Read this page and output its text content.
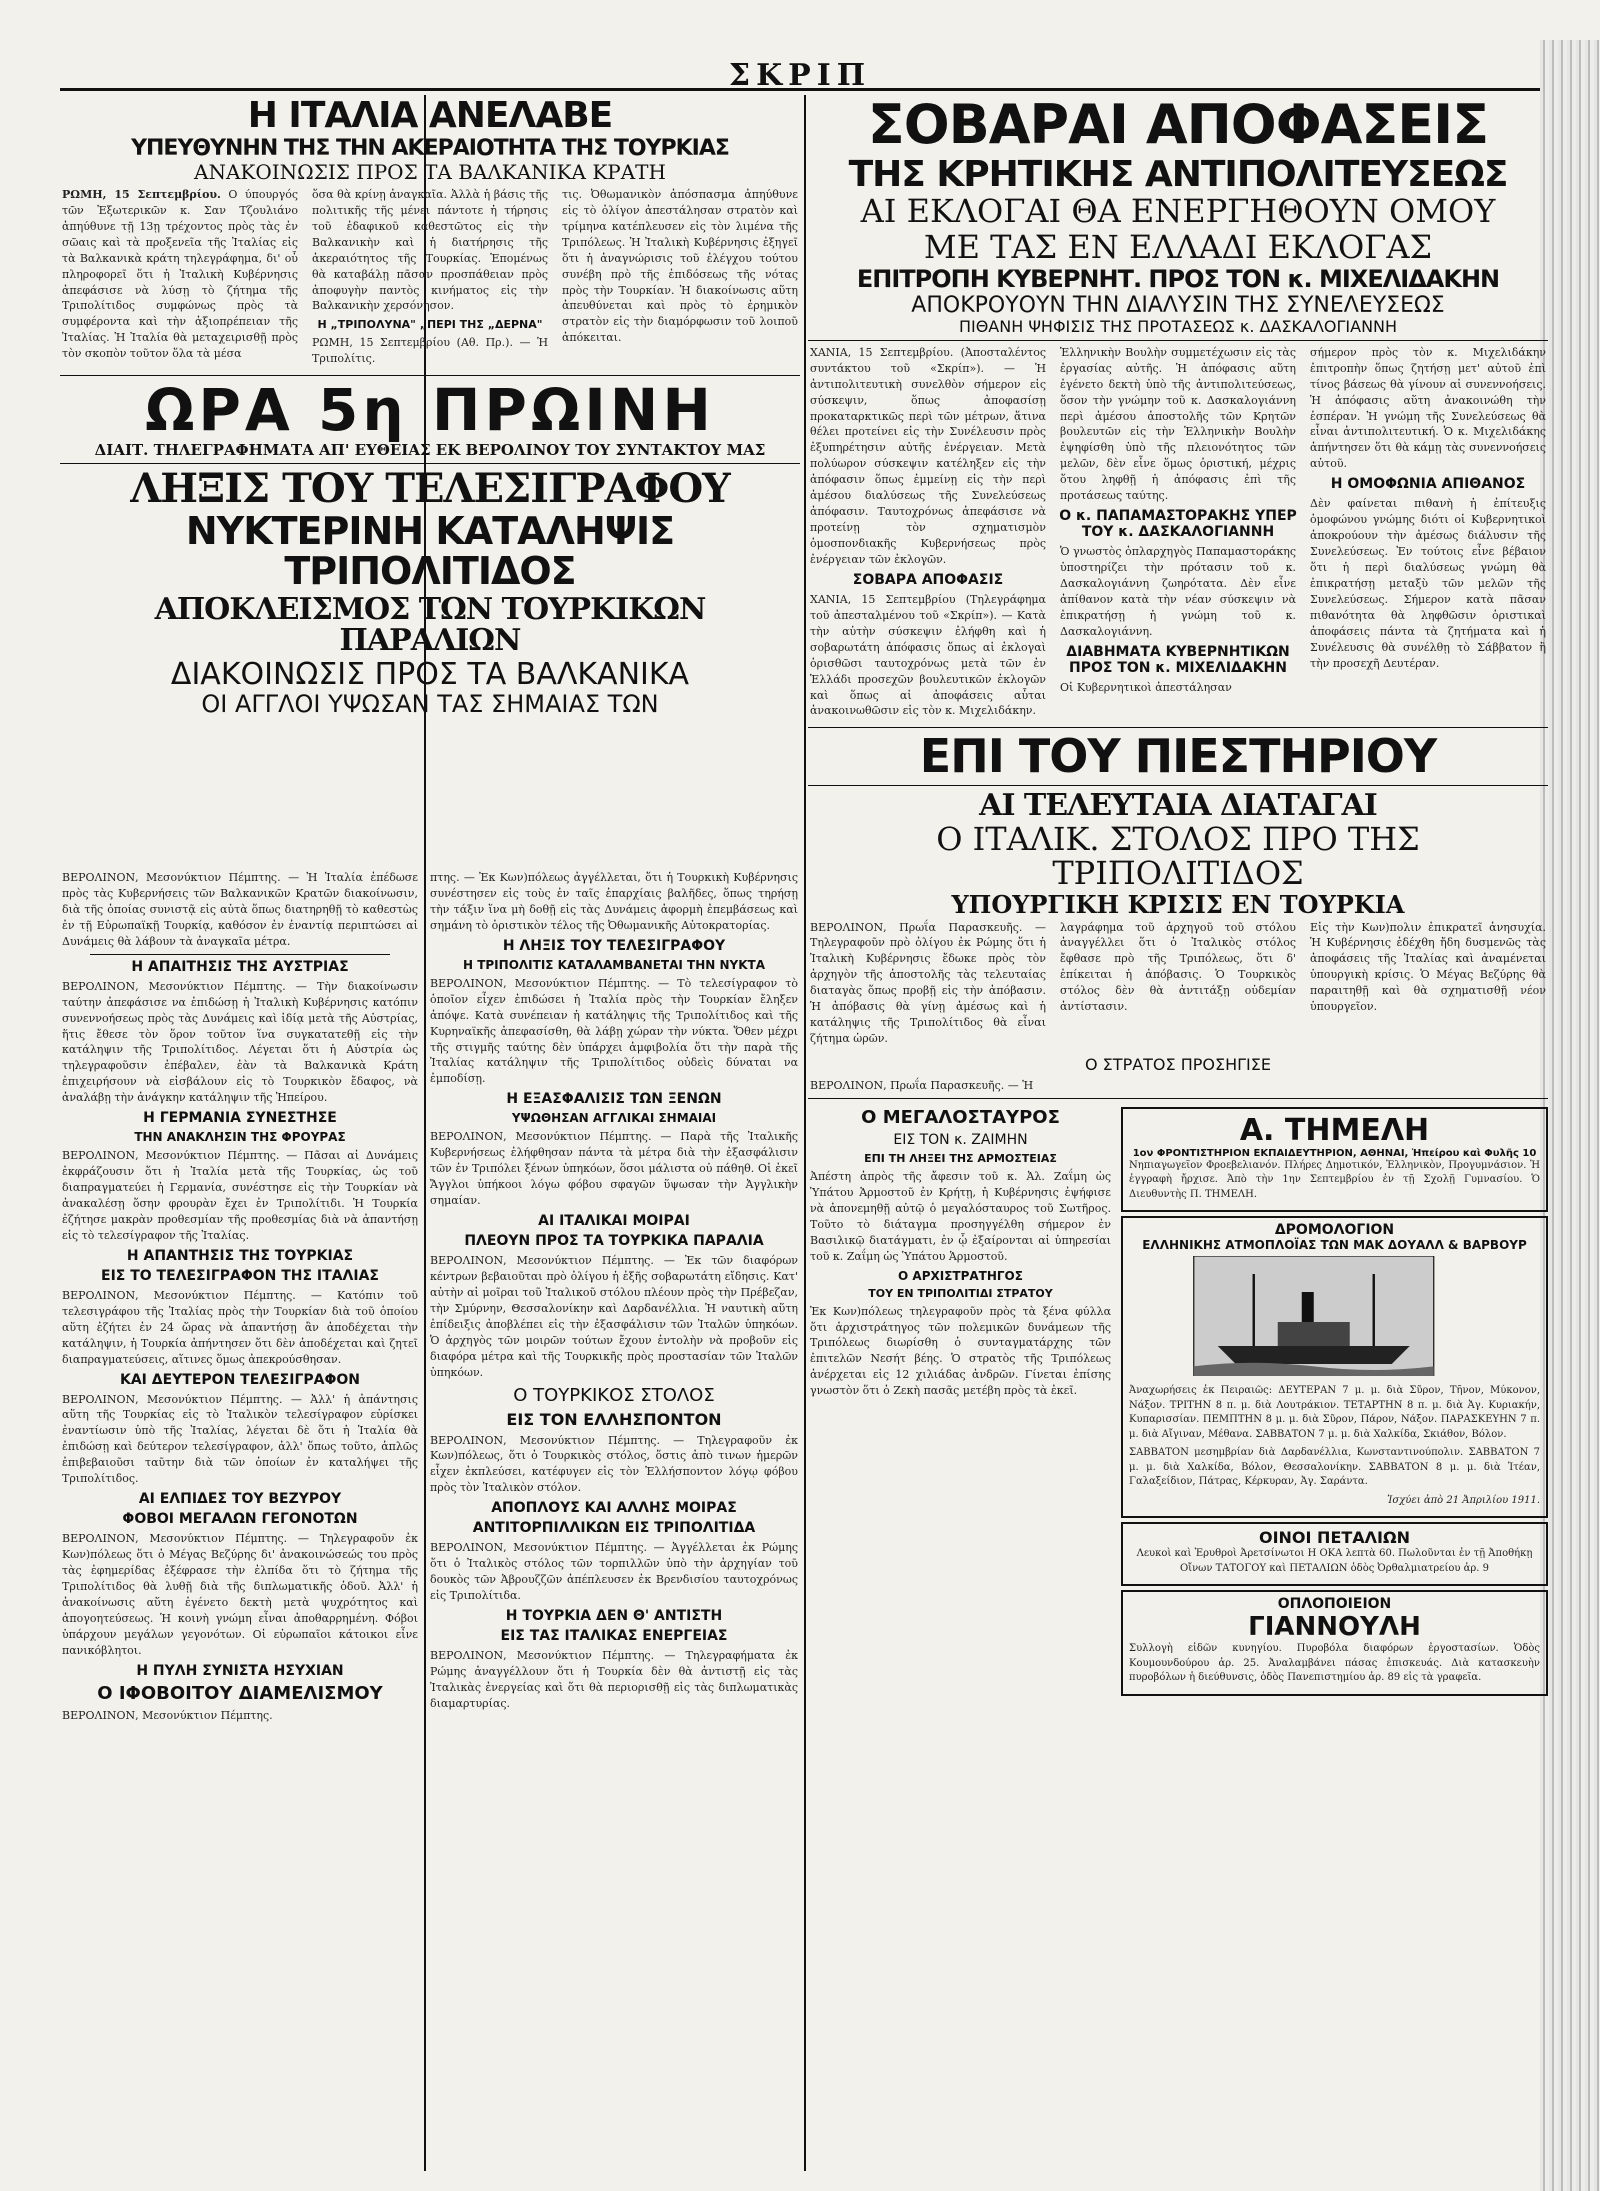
ΣΚΡΙΠ
Η ΙΤΑΛΙΑ ΑΝΕΛΑΒΕ
ΥΠΕΥΘΥΝΗΝ ΤΗΣ ΤΗΝ ΑΚΕΡΑΙΟΤΗΤΑ ΤΗΣ ΤΟΥΡΚΙΑΣ
ΑΝΑΚΟΙΝΩΣΙΣ ΠΡΟΣ ΤΑ ΒΑΛΚΑΝΙΚΑ ΚΡΑΤΗ

ΡΩΜΗ, 15 Σεπτεμβρίου. Ο ύπουργός τῶν Ἐξωτερικῶν κ. Σαν Τζουλιάνο ἀπηύθυνε τῇ 13ῃ τρέχοντος πρὸς τὰς ἐν σῶαις καὶ τὰ προξενεῖα τῆς Ἰταλίας εἰς τὰ Βαλκανικὰ κράτη τηλεγράφημα, δι' οὗ πληροφορεῖ ὅτι ἡ Ἰταλικὴ Κυβέρνησις ἀπεφάσισε νὰ λύσῃ τὸ ζήτημα τῆς Τριπολίτιδος συμφώνως πρὸς τὰ συμφέροντα καὶ τὴν ἀξιοπρέπειαν τῆς Ἰταλίας. Ἡ Ἰταλία θὰ μεταχειρισθῇ πρὸς τὸν σκοπὸν τοῦτον ὅλα τὰ μέσα

ὅσα θὰ κρίνῃ ἀναγκαῖα. Ἀλλὰ ἡ βάσις τῆς πολιτικῆς τῆς μένει πάντοτε ἡ τήρησις τοῦ ἐδαφικοῦ καθεστῶτος εἰς τὴν Βαλκανικὴν καὶ ἡ διατήρησις τῆς ἀκεραιότητος τῆς Τουρκίας. Ἑπομένως θὰ καταβάλῃ πᾶσαν προσπάθειαν πρὸς ἀποφυγὴν παντὸς κινήματος εἰς τὴν Βαλκανικὴν χερσόνησον.

Η „ΤΡΙΠΟΛΥΝΑ" „ΠΕΡΙ ΤΗΣ „ΔΕΡΝΑ"

ΡΩΜΗ, 15 Σεπτεμβρίου (Αθ. Πρ.). — Ἡ Τριπολίτις.

τις. Ὀθωμανικὸν ἀπόσπασμα ἀπηύθυνε εἰς τὸ ὀλίγον ἀπεστάλησαν στρατὸν καὶ τρίμηνα κατέπλευσεν εἰς τὸν λιμένα τῆς Τριπόλεως. Ἡ Ἰταλικὴ Κυβέρνησις ἐξηγεῖ ὅτι ἡ ἀναγνώρισις τοῦ ἐλέγχου τούτου συνέβη πρὸ τῆς ἐπιδόσεως τῆς νότας πρὸς τὴν Τουρκίαν. Ἡ διακοίνωσις αὕτη ἀπευθύνεται καὶ πρὸς τὸ ἐρημικὸν στρατὸν εἰς τὴν διαμόρφωσιν τοῦ λοιποῦ ἀπόκειται.

ΩΡΑ 5η ΠΡΩΙΝΗ
ΔΙΑΙΤ. ΤΗΛΕΓΡΑΦΗΜΑΤΑ ΑΠ' ΕΥΘΕΙΑΣ ΕΚ ΒΕΡΟΛΙΝΟΥ ΤΟΥ ΣΥΝΤΑΚΤΟΥ ΜΑΣ
ΛΗΞΙΣ ΤΟΥ ΤΕΛΕΣΙΓΡΑΦΟΥ
ΝΥΚΤΕΡΙΝΗ ΚΑΤΑΛΗΨΙΣ ΤΡΙΠΟΛΙΤΙΔΟΣ
ΑΠΟΚΛΕΙΣΜΟΣ ΤΩΝ ΤΟΥΡΚΙΚΩΝ ΠΑΡΑΛΙΩΝ
ΔΙΑΚΟΙΝΩΣΙΣ ΠΡΟΣ ΤΑ ΒΑΛΚΑΝΙΚΑ
ΟΙ ΑΓΓΛΟΙ ΥΨΩΣΑΝ ΤΑΣ ΣΗΜΑΙΑΣ ΤΩΝ

ΒΕΡΟΛΙΝΟΝ, Μεσονύκτιον Πέμπτης. — Ἡ Ἰταλία ἐπέδωσε πρὸς τὰς Κυβερνήσεις τῶν Βαλκανικῶν Κρατῶν διακοίνωσιν, διὰ τῆς ὁποίας συνιστᾷ εἰς αὐτὰ ὅπως διατηρηθῇ τὸ καθεστὼς ἐν τῇ Εὐρωπαϊκῇ Τουρκίᾳ, καθόσον ἐν ἐναντίᾳ περιπτώσει αἱ Δυνάμεις θὰ λάβουν τὰ ἀναγκαῖα μέτρα.

Η ΑΠΑΙΤΗΣΙΣ ΤΗΣ ΑΥΣΤΡΙΑΣ

ΒΕΡΟΛΙΝΟΝ, Μεσονύκτιον Πέμπτης. — Τὴν διακοίνωσιν ταύτην ἀπεφάσισε να ἐπιδώσῃ ἡ Ἰταλικὴ Κυβέρνησις κατόπιν συνεννοήσεως πρὸς τὰς Δυνάμεις καὶ ἰδίᾳ μετὰ τῆς Αὐστρίας, ἥτις ἔθεσε τὸν ὅρον τοῦτον ἵνα συγκατατεθῇ εἰς τὴν κατάληψιν τῆς Τριπολίτιδος. Λέγεται ὅτι ἡ Αὐστρία ὡς τηλεγραφοῦσιν ἐπέβαλεν, ἐὰν τὰ Βαλκανικὰ Κράτη ἐπιχειρήσουν νὰ εἰσβάλουν εἰς τὸ Τουρκικὸν ἔδαφος, νὰ ἀναλάβῃ τὴν ἀνάγκην κατάληψιν τῆς Ἠπείρου.

Η ΓΕΡΜΑΝΙΑ ΣΥΝΕΣΤΗΣΕ
ΤΗΝ ΑΝΑΚΛΗΣΙΝ ΤΗΣ ΦΡΟΥΡΑΣ

ΒΕΡΟΛΙΝΟΝ, Μεσονύκτιον Πέμπτης. — Πᾶσαι αἱ Δυνάμεις ἐκφράζουσιν ὅτι ἡ Ἰταλία μετὰ τῆς Τουρκίας, ὡς τοῦ διαπραγματεύει ἡ Γερμανία, συνέστησε εἰς τὴν Τουρκίαν νὰ ἀνακαλέσῃ ὅσην φρουρὰν ἔχει ἐν Τριπολίτιδι. Ἡ Τουρκία ἐζήτησε μακρὰν προθεσμίαν τῆς προθεσμίας διὰ νὰ ἀπαντήσῃ εἰς τὸ τελεσίγραφον τῆς Ἰταλίας.

Η ΑΠΑΝΤΗΣΙΣ ΤΗΣ ΤΟΥΡΚΙΑΣ
ΕΙΣ ΤΟ ΤΕΛΕΣΙΓΡΑΦΟΝ ΤΗΣ ΙΤΑΛΙΑΣ

ΒΕΡΟΛΙΝΟΝ, Μεσονύκτιον Πέμπτης. — Κατόπιν τοῦ τελεσιγράφου τῆς Ἰταλίας πρὸς τὴν Τουρκίαν διὰ τοῦ ὁποίου αὕτη ἐζήτει ἐν 24 ὥρας νὰ ἀπαντήσῃ ἂν ἀποδέχεται τὴν κατάληψιν, ἡ Τουρκία ἀπήντησεν ὅτι δὲν ἀποδέχεται καὶ ζητεῖ διαπραγματεύσεις, αἵτινες ὅμως ἀπεκρούσθησαν.

ΚΑΙ ΔΕΥΤΕΡΟΝ ΤΕΛΕΣΙΓΡΑΦΟΝ

ΒΕΡΟΛΙΝΟΝ, Μεσονύκτιον Πέμπτης. — Ἀλλ' ἡ ἀπάντησις αὕτη τῆς Τουρκίας εἰς τὸ Ἰταλικὸν τελεσίγραφον εὑρίσκει ἐναντίωσιν ὑπὸ τῆς Ἰταλίας, λέγεται δὲ ὅτι ἡ Ἰταλία θὰ ἐπιδώσῃ καὶ δεύτερον τελεσίγραφον, ἀλλ' ὅπως τοῦτο, ἁπλῶς ἐπιβεβαιοῦσι ταῦτην διὰ τῶν ὁποίων ἐν καταλήψει τῆς Τριπολίτιδος.

ΑΙ ΕΛΠΙΔΕΣ ΤΟΥ ΒΕΖΥΡΟΥ
ΦΟΒΟΙ ΜΕΓΑΛΩΝ ΓΕΓΟΝΟΤΩΝ

ΒΕΡΟΛΙΝΟΝ, Μεσονύκτιον Πέμπτης. — Τηλεγραφοῦν ἐκ Κων)πόλεως ὅτι ὁ Μέγας Βεζύρης δι' ἀνακοινώσεώς του πρὸς τὰς ἐφημερίδας ἐξέφρασε τὴν ἐλπίδα ὅτι τὸ ζήτημα τῆς Τριπολίτιδος θὰ λυθῇ διὰ τῆς διπλωματικῆς ὁδοῦ. Ἀλλ' ἡ ἀνακοίνωσις αὕτη ἐγένετο δεκτὴ μετὰ ψυχρότητος καὶ ἀπογοητεύσεως. Ἡ κοινὴ γνώμη εἶναι ἀποθαρρημένη. Φόβοι ὑπάρχουν μεγάλων γεγονότων. Οἱ εὐρωπαῖοι κάτοικοι εἶνε πανικόβλητοι.

Η ΠΥΛΗ ΣΥΝΙΣΤΑ ΗΣΥΧΙΑΝ
Ο ΙΦΟΒΟΙΤΟΥ ΔΙΑΜΕΛΙΣΜΟΥ

ΒΕΡΟΛΙΝΟΝ, Μεσονύκτιον Πέμπτης.

πτης. — Ἐκ Κων)πόλεως ἀγγέλλεται, ὅτι ἡ Τουρκικὴ Κυβέρνησις συνέστησεν εἰς τοὺς ἐν ταῖς ἐπαρχίαις βαλῆδες, ὅπως τηρήσῃ τὴν τάξιν ἵνα μὴ δοθῇ εἰς τὰς Δυνάμεις ἀφορμὴ ἐπεμβάσεως καὶ σημάνη τὸ ὁριστικὸν τέλος τῆς Ὀθωμανικῆς Αὐτοκρατορίας.

Η ΛΗΞΙΣ ΤΟΥ ΤΕΛΕΣΙΓΡΑΦΟΥ
Η ΤΡΙΠΟΛΙΤΙΣ ΚΑΤΑΛΑΜΒΑΝΕΤΑΙ ΤΗΝ ΝΥΚΤΑ

ΒΕΡΟΛΙΝΟΝ, Μεσονύκτιον Πέμπτης. — Τὸ τελεσίγραφον τὸ ὁποῖον εἶχεν ἐπιδώσει ἡ Ἰταλία πρὸς τὴν Τουρκίαν ἔληξεν ἀπόψε. Κατὰ συνέπειαν ἡ κατάληψις τῆς Τριπολίτιδος καὶ τῆς Κυρηναϊκῆς ἀπεφασίσθη, θὰ λάβῃ χώραν τὴν νύκτα. Ὅθεν μέχρι τῆς στιγμῆς ταύτης δὲν ὑπάρχει ἀμφιβολία ὅτι τὴν παρὰ τῆς Ἰταλίας κατάληψιν τῆς Τριπολίτιδος οὐδεὶς δύναται να ἐμποδίσῃ.

Η ΕΞΑΣΦΑΛΙΣΙΣ ΤΩΝ ΞΕΝΩΝ
ΥΨΩΘΗΣΑΝ ΑΓΓΛΙΚΑΙ ΣΗΜΑΙΑΙ

ΒΕΡΟΛΙΝΟΝ, Μεσονύκτιον Πέμπτης. — Παρὰ τῆς Ἰταλικῆς Κυβερνήσεως ἐλήφθησαν πάντα τὰ μέτρα διὰ τὴν ἐξασφάλισιν τῶν ἐν Τριπόλει ξένων ὑπηκόων, ὅσοι μάλιστα οὐ πάθηθ. Οἱ ἐκεῖ Ἄγγλοι ὑπήκοοι λόγω φόβου σφαγῶν ὕψωσαν τὴν Ἀγγλικὴν σημαίαν.

ΑΙ ΙΤΑΛΙΚΑΙ ΜΟΙΡΑΙ
ΠΛΕΟΥΝ ΠΡΟΣ ΤΑ ΤΟΥΡΚΙΚΑ ΠΑΡΑΛΙΑ

ΒΕΡΟΛΙΝΟΝ, Μεσονύκτιον Πέμπτης. — Ἐκ τῶν διαφόρων κέντρων βεβαιοῦται πρὸ ὀλίγου ἡ ἐξῆς σοβαρωτάτη εἴδησις. Κατ' αὐτὴν αἱ μοῖραι τοῦ Ἰταλικοῦ στόλου πλέουν πρὸς τὴν Πρέβεζαν, τὴν Σμύρνην, Θεσσαλονίκην καὶ Δαρδανέλλια. Ἡ ναυτικὴ αὕτη ἐπίδειξις ἀποβλέπει εἰς τὴν ἐξασφάλισιν τῶν Ἰταλῶν ὑπηκόων. Ὁ ἀρχηγὸς τῶν μοιρῶν τούτων ἔχουν ἐντολὴν νὰ προβοῦν εἰς διαφόρα μέτρα καὶ τῆς Τουρκικῆς πρὸς προστασίαν τῶν Ἰταλῶν ὑπηκόων.

Ο ΤΟΥΡΚΙΚΟΣ ΣΤΟΛΟΣ
ΕΙΣ ΤΟΝ ΕΛΛΗΣΠΟΝΤΟΝ

ΒΕΡΟΛΙΝΟΝ, Μεσονύκτιον Πέμπτης. — Τηλεγραφοῦν ἐκ Κων)πόλεως, ὅτι ὁ Τουρκικὸς στόλος, ὅστις ἀπὸ τινων ἡμερῶν εἶχεν ἐκπλεύσει, κατέφυγεν εἰς τὸν Ἑλλήσποντον λόγῳ φόβου πρὸς τὸν Ἰταλικὸν στόλον.

ΑΠΟΠΛΟΥΣ ΚΑΙ ΑΛΛΗΣ ΜΟΙΡΑΣ
ΑΝΤΙΤΟΡΠΙΛΛΙΚΩΝ ΕΙΣ ΤΡΙΠΟΛΙΤΙΔΑ

ΒΕΡΟΛΙΝΟΝ, Μεσονύκτιον Πέμπτης. — Ἀγγέλλεται ἐκ Ρώμης ὅτι ὁ Ἰταλικὸς στόλος τῶν τορπιλλῶν ὑπὸ τὴν ἀρχηγίαν τοῦ δουκὸς τῶν Ἀβρουζζῶν ἀπέπλευσεν ἐκ Βρενδισίου ταυτοχρόνως εἰς Τριπολίτιδα.

Η ΤΟΥΡΚΙΑ ΔΕΝ Θ' ΑΝΤΙΣΤΗ
ΕΙΣ ΤΑΣ ΙΤΑΛΙΚΑΣ ΕΝΕΡΓΕΙΑΣ

ΒΕΡΟΛΙΝΟΝ, Μεσονύκτιον Πέμπτης. — Τηλεγραφήματα ἐκ Ρώμης ἀναγγέλλουν ὅτι ἡ Τουρκία δὲν θὰ ἀντιστῇ εἰς τὰς Ἰταλικὰς ἐνεργείας καὶ ὅτι θὰ περιορισθῇ εἰς τὰς διπλωματικὰς διαμαρτυρίας.

ΣΟΒΑΡΑΙ ΑΠΟΦΑΣΕΙΣ
ΤΗΣ ΚΡΗΤΙΚΗΣ ΑΝΤΙΠΟΛΙΤΕΥΣΕΩΣ
ΑΙ ΕΚΛΟΓΑΙ ΘΑ ΕΝΕΡΓΗΘΟΥΝ ΟΜΟΥ
ΜΕ ΤΑΣ ΕΝ ΕΛΛΑΔΙ ΕΚΛΟΓΑΣ
ΕΠΙΤΡΟΠΗ ΚΥΒΕΡΝΗΤ. ΠΡΟΣ ΤΟΝ κ. ΜΙΧΕΛΙΔΑΚΗΝ
ΑΠΟΚΡΟΥΟΥΝ ΤΗΝ ΔΙΑΛΥΣΙΝ ΤΗΣ ΣΥΝΕΛΕΥΣΕΩΣ
ΠΙΘΑΝΗ ΨΗΦΙΣΙΣ ΤΗΣ ΠΡΟΤΑΣΕΩΣ κ. ΔΑΣΚΑΛΟΓΙΑΝΝΗ

ΧΑΝΙΑ, 15 Σεπτεμβρίου. (Ἀποσταλέντος συντάκτου τοῦ «Σκρίπ»). — Ἡ ἀντιπολιτευτικὴ συνελθὸν σήμερον εἰς σύσκεψιν, ὅπως ἀποφασίσῃ προκαταρκτικῶς περὶ τῶν μέτρων, ἅτινα θέλει προτείνει εἰς τὴν Συνέλευσιν πρὸς ἐξυπηρέτησιν αὐτῆς ἐνέργειαν. Μετὰ πολύωρον σύσκεψιν κατέληξεν εἰς τὴν ἀπόφασιν ὅπως ἐμμείνῃ εἰς τὴν περὶ ἀμέσου διαλύσεως τῆς Συνελεύσεως ἀπόφασιν. Ταυτοχρόνως ἀπεφάσισε νὰ προτείνῃ τὸν σχηματισμὸν ὁμοσπονδιακῆς Κυβερνήσεως πρὸς ἐνέργειαν τῶν ἐκλογῶν.

ΣΟΒΑΡΑ ΑΠΟΦΑΣΙΣ

ΧΑΝΙΑ, 15 Σεπτεμβρίου (Τηλεγράφημα τοῦ ἀπεσταλμένου τοῦ «Σκρίπ»). — Κατὰ τὴν αὐτὴν σύσκεψιν ἐλήφθη καὶ ἡ σοβαρωτάτη ἀπόφασις ὅπως αἱ ἐκλογαὶ ὁρισθῶσι ταυτοχρόνως μετὰ τῶν ἐν Ἑλλάδι προσεχῶν βουλευτικῶν ἐκλογῶν καὶ ὅπως αἱ ἀποφάσεις αὗται ἀνακοινωθῶσιν εἰς τὸν κ. Μιχελιδάκην.

Ἑλληνικὴν Βουλὴν συμμετέχωσιν εἰς τὰς ἐργασίας αὐτῆς. Ἡ ἀπόφασις αὕτη ἐγένετο δεκτὴ ὑπὸ τῆς ἀντιπολιτεύσεως, ὅσον τὴν γνώμην τοῦ κ. Δασκαλογιάννη περὶ ἀμέσου ἀποστολῆς τῶν Κρητῶν βουλευτῶν εἰς τὴν Ἑλληνικὴν Βουλὴν ἐψηφίσθη ὑπὸ τῆς πλειονότητος τῶν μελῶν, δὲν εἶνε ὅμως ὁριστική, μέχρις ὅτου ληφθῇ ἡ ἀπόφασις ἐπὶ τῆς προτάσεως ταύτης.

Ο κ. ΠΑΠΑΜΑΣΤΟΡΑΚΗΣ ΥΠΕΡ ΤΟΥ κ. ΔΑΣΚΑΛΟΓΙΑΝΝΗ

Ὁ γνωστὸς ὁπλαρχηγὸς Παπαμαστοράκης ὑποστηρίζει τὴν πρότασιν τοῦ κ. Δασκαλογιάννη ζωηρότατα. Δὲν εἶνε ἀπίθανον κατὰ τὴν νέαν σύσκεψιν νὰ ἐπικρατήσῃ ἡ γνώμη τοῦ κ. Δασκαλογιάννη.

ΔΙΑΒΗΜΑΤΑ ΚΥΒΕΡΝΗΤΙΚΩΝ ΠΡΟΣ ΤΟΝ κ. ΜΙΧΕΛΙΔΑΚΗΝ

Οἱ Κυβερνητικοὶ ἀπεστάλησαν

σήμερον πρὸς τὸν κ. Μιχελιδάκην ἐπιτροπὴν ὅπως ζητήσῃ μετ' αὐτοῦ ἐπὶ τίνος βάσεως θὰ γίνουν αἱ συνεννοήσεις. Ἡ ἀπόφασις αὕτη ἀνακοινώθη τὴν ἑσπέραν. Ἡ γνώμη τῆς Συνελεύσεως θὰ εἶναι ἀντιπολιτευτική. Ὁ κ. Μιχελιδάκης ἀπήντησεν ὅτι θὰ κάμῃ τὰς συνεννοήσεις αὐτοῦ.

Η ΟΜΟΦΩΝΙΑ ΑΠΙΘΑΝΟΣ

Δὲν φαίνεται πιθανὴ ἡ ἐπίτευξις ὁμοφώνου γνώμης διότι οἱ Κυβερνητικοὶ ἀποκρούουν τὴν ἀμέσως διάλυσιν τῆς Συνελεύσεως. Ἐν τούτοις εἶνε βέβαιον ὅτι ἡ περὶ διαλύσεως γνώμη θὰ ἐπικρατήσῃ μεταξὺ τῶν μελῶν τῆς Συνελεύσεως. Σήμερον κατὰ πᾶσαν πιθανότητα θὰ ληφθῶσιν ὁριστικαὶ ἀποφάσεις πάντα τὰ ζητήματα καὶ ἡ Συνέλευσις θὰ συνέλθῃ τὸ Σάββατον ἢ τὴν προσεχῆ Δευτέραν.

ΕΠΙ ΤΟΥ ΠΙΕΣΤΗΡΙΟΥ
ΑΙ ΤΕΛΕΥΤΑΙΑ ΔΙΑΤΑΓΑΙ
Ο ΙΤΑΛΙΚ. ΣΤΟΛΟΣ ΠΡΟ ΤΗΣ ΤΡΙΠΟΛΙΤΙΔΟΣ
ΥΠΟΥΡΓΙΚΗ ΚΡΙΣΙΣ ΕΝ ΤΟΥΡΚΙΑ

ΒΕΡΟΛΙΝΟΝ, Πρωΐα Παρασκευῆς. — Τηλεγραφοῦν πρὸ ὀλίγου ἐκ Ρώμης ὅτι ἡ Ἰταλικὴ Κυβέρνησις ἔδωκε πρὸς τὸν ἀρχηγὸν τῆς ἀποστολῆς τὰς τελευταίας διαταγὰς ὅπως προβῇ εἰς τὴν ἀπόβασιν. Ἡ ἀπόβασις θὰ γίνῃ ἀμέσως καὶ ἡ κατάληψις τῆς Τριπολίτιδος θὰ εἶναι ζήτημα ὡρῶν.

λαγράφημα τοῦ ἀρχηγοῦ τοῦ στόλου ἀναγγέλλει ὅτι ὁ Ἰταλικὸς στόλος ἔφθασε πρὸ τῆς Τριπόλεως, ὅτι δ' ἐπίκειται ἡ ἀπόβασις. Ὁ Τουρκικὸς στόλος δὲν θὰ ἀντιτάξῃ οὐδεμίαν ἀντίστασιν.

Εἰς τὴν Κων)πολιν ἐπικρατεῖ ἀνησυχία. Ἡ Κυβέρνησις ἐδέχθη ἤδη δυσμενῶς τὰς ἀποφάσεις τῆς Ἰταλίας καὶ ἀναμένεται ὑπουργικὴ κρίσις. Ὁ Μέγας Βεζύρης θὰ παραιτηθῇ καὶ θὰ σχηματισθῇ νέον ὑπουργεῖον.

Ο ΣΤΡΑΤΟΣ ΠΡΟΣΗΓΙΣΕ

ΒΕΡΟΛΙΝΟΝ, Πρωΐα Παρασκευῆς. — Ἡ

Ο ΜΕΓΑΛΟΣΤΑΥΡΟΣ
ΕΙΣ ΤΟΝ κ. ΖΑΙΜΗΝ
ΕΠΙ ΤΗ ΛΗΞΕΙ ΤΗΣ ΑΡΜΟΣΤΕΙΑΣ

Ἀπέστη ἀπρὸς τῆς ἄφεσιν τοῦ κ. Ἀλ. Ζαΐμη ὡς Ὑπάτου Ἁρμοστοῦ ἐν Κρήτῃ, ἡ Κυβέρνησις ἐψήφισε νὰ ἀπονεμηθῇ αὐτῷ ὁ μεγαλόσταυρος τοῦ Σωτῆρος. Τοῦτο τὸ διάταγμα προσηγγέλθη σήμερον ἐν Βασιλικῷ διατάγματι, ἐν ᾧ ἐξαίρονται αἱ ὑπηρεσίαι τοῦ κ. Ζαΐμη ὡς Ὑπάτου Ἁρμοστοῦ.

Ο ΑΡΧΙΣΤΡΑΤΗΓΟΣ
ΤΟΥ ΕΝ ΤΡΙΠΟΛΙΤΙΔΙ ΣΤΡΑΤΟΥ

Ἐκ Κων)πόλεως τηλεγραφοῦν πρὸς τὰ ξένα φύλλα ὅτι ἀρχιστράτηγος τῶν πολεμικῶν δυνάμεων τῆς Τριπόλεως διωρίσθη ὁ συνταγματάρχης τῶν ἐπιτελῶν Νεσήτ βέης. Ὁ στρατὸς τῆς Τριπόλεως ἀνέρχεται εἰς 12 χιλιάδας ἀνδρῶν. Γίνεται ἐπίσης γνωστὸν ὅτι ὁ Ζεκὴ πασᾶς μετέβη πρὸς τὰ ἐκεῖ.

Α. ΤΗΜΕΛΗ
1ον ΦΡΟΝΤΙΣΤΗΡΙΟΝ ΕΚΠΑΙΔΕΥΤΗΡΙΟΝ, ΑΘΗΝΑΙ, Ἠπείρου καὶ Φυλῆς 10

Νηπιαγωγεῖον Φροεβελιανόν. Πλήρες Δημοτικόν, Ἑλληνικὸν, Προγυμνάσιον. Ἡ ἐγγραφὴ ἤρχισε. Ἀπὸ τὴν 1ην Σεπτεμβρίου ἐν τῇ Σχολῇ Γυμνασίου. Ὁ Διευθυντὴς Π. ΤΗΜΕΛΗ.

ΔΡΟΜΟΛΟΓΙΟΝ
ΕΛΛΗΝΙΚΗΣ ΑΤΜΟΠΛΟΪΑΣ ΤΩΝ ΜΑΚ ΔΟΥΑΛΛ & ΒΑΡΒΟΥΡ

Ἀναχωρήσεις ἐκ Πειραιῶς: ΔΕΥΤΕΡΑΝ 7 μ. μ. διὰ Σῦρον, Τῆνον, Μύκονον, Νάξον. ΤΡΙΤΗΝ 8 π. μ. διὰ Λουτράκιον. ΤΕΤΑΡΤΗΝ 8 π. μ. διὰ Ἀγ. Κυριακήν, Κυπαρισσίαν. ΠΕΜΠΤΗΝ 8 μ. μ. διὰ Σῦρον, Πάρον, Νάξον. ΠΑΡΑΣΚΕΥΗΝ 7 π. μ. διὰ Αἴγιναν, Μέθανα. ΣΑΒΒΑΤΟΝ 7 μ. μ. διὰ Χαλκίδα, Σκιάθον, Βόλον.

ΣΑΒΒΑΤΟΝ μεσημβρίαν διὰ Δαρδανέλλια, Κωνσταντινούπολιν. ΣΑΒΒΑΤΟΝ 7 μ. μ. διὰ Χαλκίδα, Βόλον, Θεσσαλονίκην. ΣΑΒΒΑΤΟΝ 8 μ. μ. διὰ Ἰτέαν, Γαλαξείδιον, Πάτρας, Κέρκυραν, Ἀγ. Σαράντα.

Ἰσχύει ἀπὸ 21 Ἀπριλίου 1911.

ΟΙΝΟΙ ΠΕΤΑΛΙΩΝ

Λευκοὶ καὶ Ἐρυθροὶ Ἀρετσίνωτοι Η ΟΚΑ λεπτὰ 60. Πωλοῦνται ἐν τῇ Ἀποθήκῃ Οἴνων ΤΑΤΟΓΟΥ καὶ ΠΕΤΑΛΙΩΝ ὁδὸς Ὀρθαλμιατρείου ἀρ. 9

ΟΠΛΟΠΟΙΕΙΟΝ
ΓΙΑΝΝΟΥΛΗ

Συλλογὴ εἰδῶν κυνηγίου. Πυροβόλα διαφόρων ἐργοστασίων. Ὁδὸς Κουμουνδούρου ἀρ. 25. Ἀναλαμβάνει πάσας ἐπισκευάς. Διὰ κατασκευὴν πυροβόλων ἡ διεύθυνσις, ὁδὸς Πανεπιστημίου ἀρ. 89 εἰς τὰ γραφεῖα.
